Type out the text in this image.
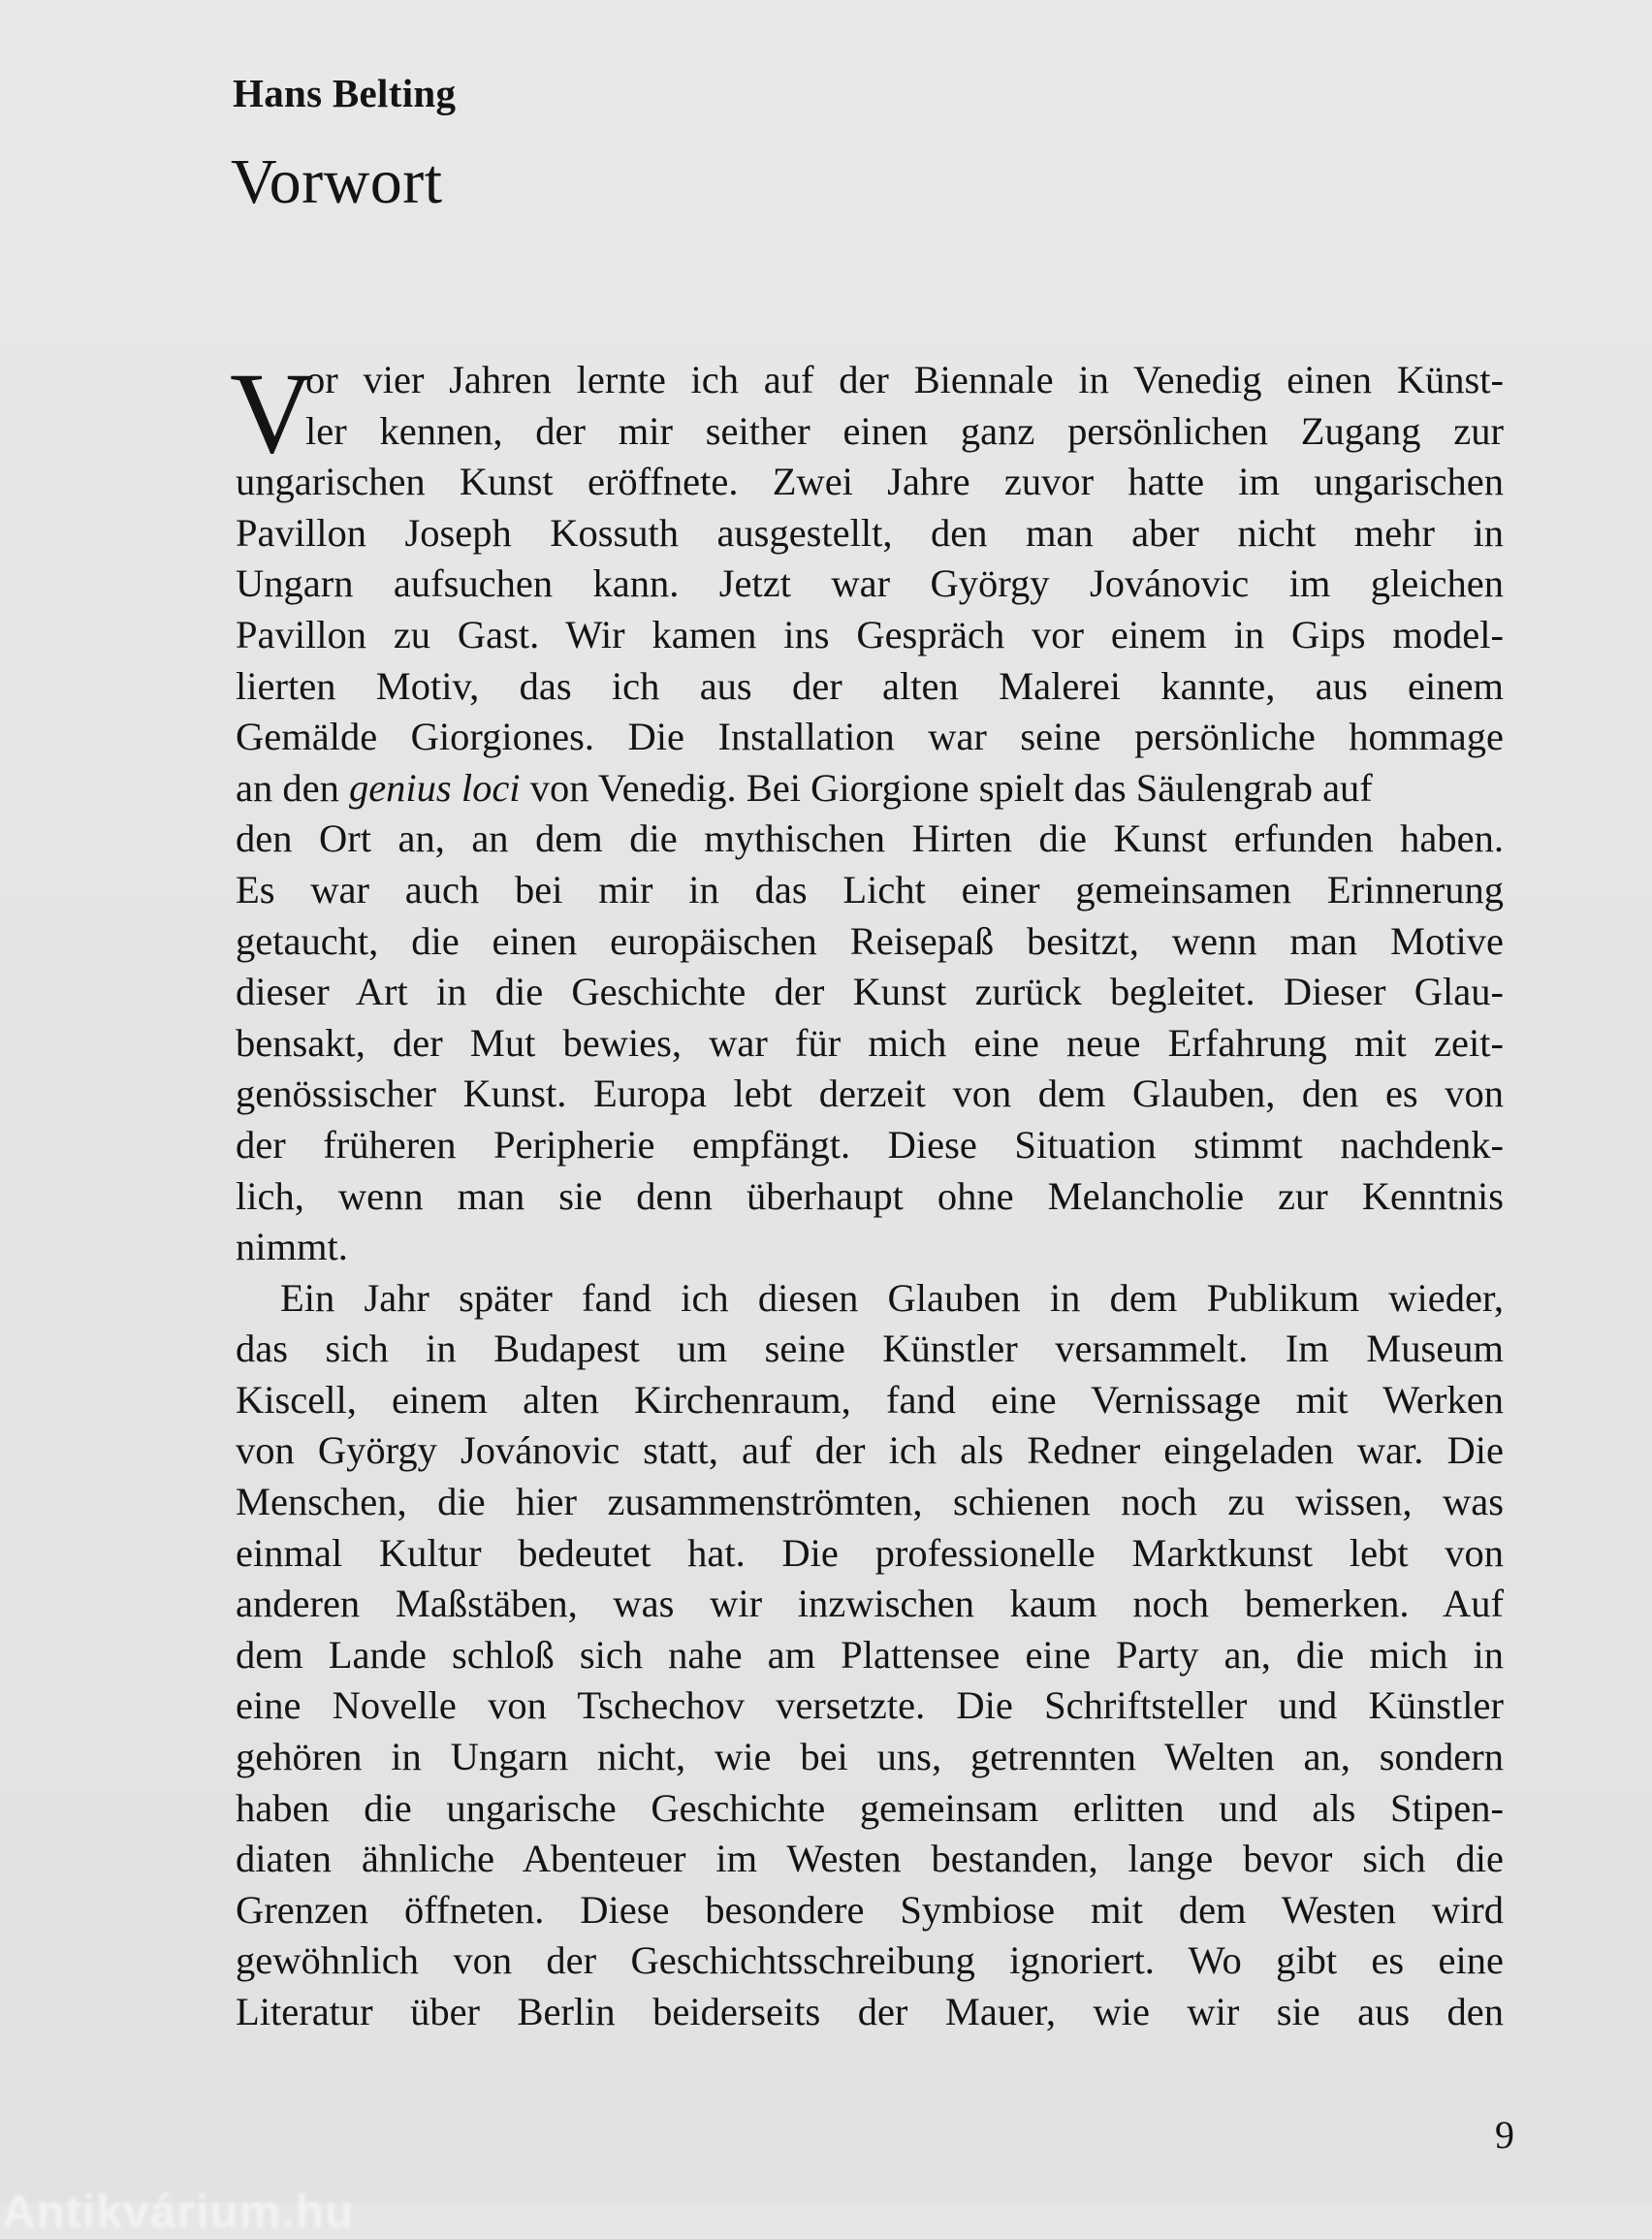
Hans Belting
Vorwort
V
or vier Jahren lernte ich auf der Biennale in Venedig einen Künst-
ler kennen, der mir seither einen ganz persönlichen Zugang zur
ungarischen Kunst eröffnete. Zwei Jahre zuvor hatte im ungarischen
Pavillon Joseph Kossuth ausgestellt, den man aber nicht mehr in
Ungarn aufsuchen kann. Jetzt war György Jovánovic im gleichen
Pavillon zu Gast. Wir kamen ins Gespräch vor einem in Gips model-
lierten Motiv, das ich aus der alten Malerei kannte, aus einem
Gemälde Giorgiones. Die Installation war seine persönliche hommage
an den genius loci von Venedig. Bei Giorgione spielt das Säulengrab auf
den Ort an, an dem die mythischen Hirten die Kunst erfunden haben.
Es war auch bei mir in das Licht einer gemeinsamen Erinnerung
getaucht, die einen europäischen Reisepaß besitzt, wenn man Motive
dieser Art in die Geschichte der Kunst zurück begleitet. Dieser Glau-
bensakt, der Mut bewies, war für mich eine neue Erfahrung mit zeit-
genössischer Kunst. Europa lebt derzeit von dem Glauben, den es von
der früheren Peripherie empfängt. Diese Situation stimmt nachdenk-
lich, wenn man sie denn überhaupt ohne Melancholie zur Kenntnis
nimmt.
Ein Jahr später fand ich diesen Glauben in dem Publikum wieder,
das sich in Budapest um seine Künstler versammelt. Im Museum
Kiscell, einem alten Kirchenraum, fand eine Vernissage mit Werken
von György Jovánovic statt, auf der ich als Redner eingeladen war. Die
Menschen, die hier zusammenströmten, schienen noch zu wissen, was
einmal Kultur bedeutet hat. Die professionelle Marktkunst lebt von
anderen Maßstäben, was wir inzwischen kaum noch bemerken. Auf
dem Lande schloß sich nahe am Plattensee eine Party an, die mich in
eine Novelle von Tschechov versetzte. Die Schriftsteller und Künstler
gehören in Ungarn nicht, wie bei uns, getrennten Welten an, sondern
haben die ungarische Geschichte gemeinsam erlitten und als Stipen-
diaten ähnliche Abenteuer im Westen bestanden, lange bevor sich die
Grenzen öffneten. Diese besondere Symbiose mit dem Westen wird
gewöhnlich von der Geschichtsschreibung ignoriert. Wo gibt es eine
Literatur über Berlin beiderseits der Mauer, wie wir sie aus den
9
Antikvárium.hu
